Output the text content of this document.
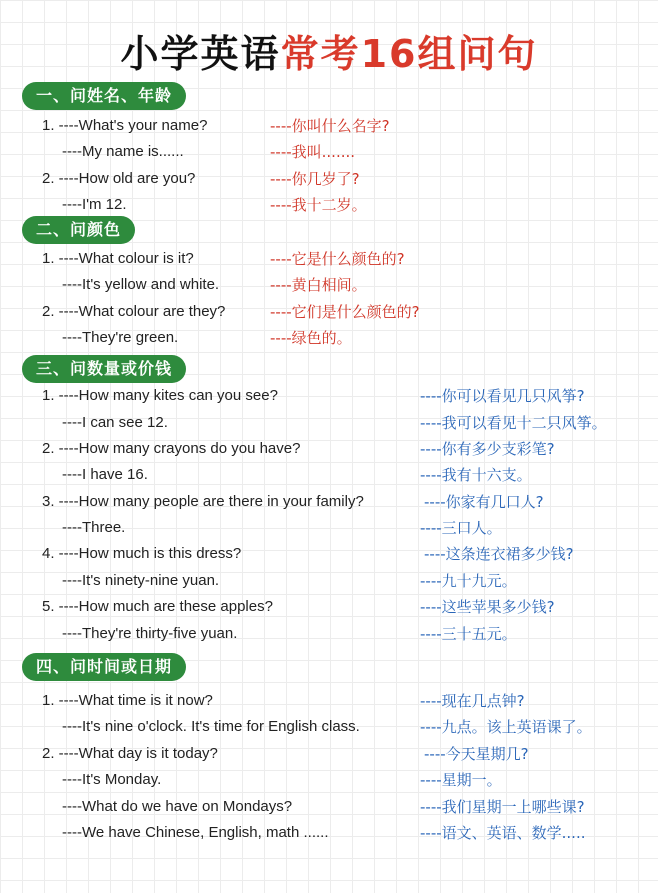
小学英语常考16组问句
一、问姓名、年龄
1. ----What's your name?	----你叫什么名字?
----My name is......	----我叫.......
2. ----How old are you?	----你几岁了?
----I'm 12.	----我十二岁。
二、问颜色
1. ----What colour is it?	----它是什么颜色的?
----It's yellow and white.	----黄白相间。
2. ----What colour are they?	----它们是什么颜色的?
----They're green.	----绿色的。
三、问数量或价钱
1. ----How many kites can you see?	----你可以看见几只风筝?
----I can see 12.	----我可以看见十二只风筝。
2. ----How many crayons do you have?	----你有多少支彩笔?
----I have 16.	----我有十六支。
3. ----How many people are there in your family?	----你家有几口人?
----Three.	----三口人。
4. ----How much is this dress?	----这条连衣裙多少钱?
----It's ninety-nine yuan.	----九十九元。
5. ----How much are these apples?	----这些苹果多少钱?
----They're thirty-five yuan.	----三十五元。
四、问时间或日期
1. ----What time is it now?	----现在几点钟?
----It's nine o'clock. It's time for English class.	----九点。该上英语课了。
2. ----What day is it today?	----今天星期几?
----It's Monday.	----星期一。
----What do we have on Mondays?	----我们星期一上哪些课?
----We have Chinese, English, math ......	----语文、英语、数学.....
